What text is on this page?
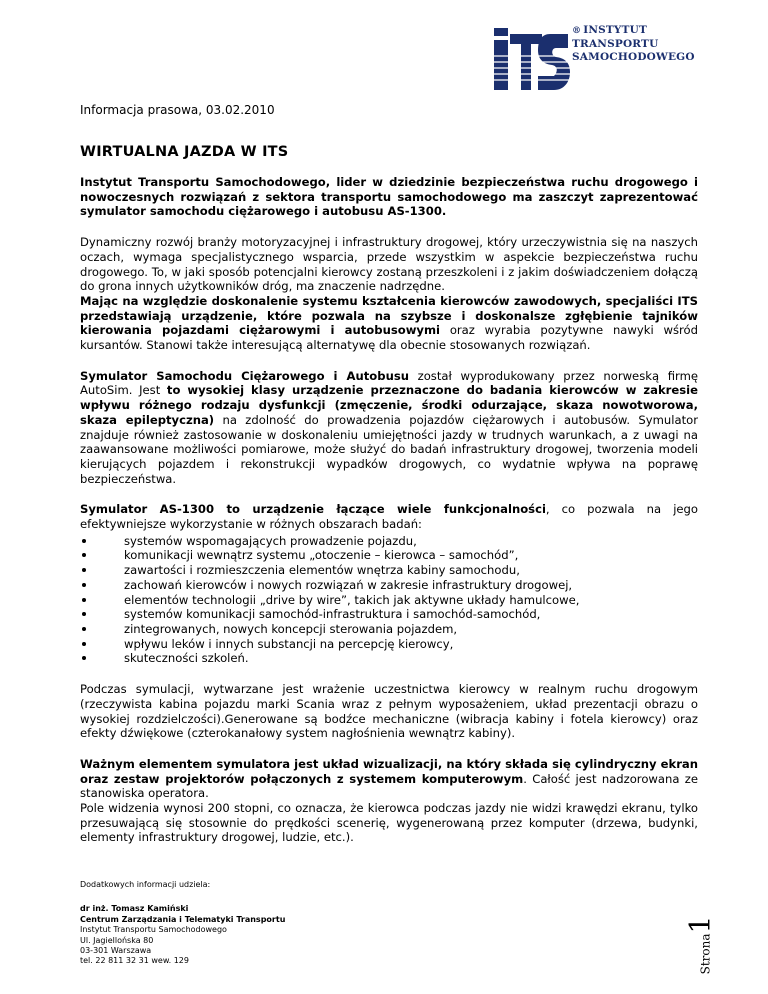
® INSTYTUT
TRANSPORTU
SAMOCHODOWEGO

Informacja prasowa, 03.02.2010

WIRTUALNA JAZDA W ITS

Instytut Transportu Samochodowego, lider w dziedzinie bezpieczeństwa ruchu drogowego i nowoczesnych rozwiązań z sektora transportu samochodowego ma zaszczyt zaprezentować symulator samochodu ciężarowego i autobusu AS-1300.

Dynamiczny rozwój branży motoryzacyjnej i infrastruktury drogowej, który urzeczywistnia się na naszych oczach, wymaga specjalistycznego wsparcia, przede wszystkim w aspekcie bezpieczeństwa ruchu drogowego. To, w jaki sposób potencjalni kierowcy zostaną przeszkoleni i z jakim doświadczeniem dołączą do grona innych użytkowników dróg, ma znaczenie nadrzędne.

Mając na względzie doskonalenie systemu kształcenia kierowców zawodowych, specjaliści ITS przedstawiają urządzenie, które pozwala na szybsze i doskonalsze zgłębienie tajników kierowania pojazdami ciężarowymi i autobusowymi oraz wyrabia pozytywne nawyki wśród kursantów. Stanowi także interesującą alternatywę dla obecnie stosowanych rozwiązań.

Symulator Samochodu Ciężarowego i Autobusu został wyprodukowany przez norweską firmę AutoSim. Jest to wysokiej klasy urządzenie przeznaczone do badania kierowców w zakresie wpływu różnego rodzaju dysfunkcji (zmęczenie, środki odurzające, skaza nowotworowa, skaza epileptyczna) na zdolność do prowadzenia pojazdów ciężarowych i autobusów. Symulator znajduje również zastosowanie w doskonaleniu umiejętności jazdy w trudnych warunkach, a z uwagi na zaawansowane możliwości pomiarowe, może służyć do badań infrastruktury drogowej, tworzenia modeli kierujących pojazdem i rekonstrukcji wypadków drogowych, co wydatnie wpływa na poprawę bezpieczeństwa.

Symulator AS-1300 to urządzenie łączące wiele funkcjonalności, co pozwala na jego efektywniejsze wykorzystanie w różnych obszarach badań:

systemów wspomagających prowadzenie pojazdu,
komunikacji wewnątrz systemu „otoczenie – kierowca – samochód”,
zawartości i rozmieszczenia elementów wnętrza kabiny samochodu,
zachowań kierowców i nowych rozwiązań w zakresie infrastruktury drogowej,
elementów technologii „drive by wire”, takich jak aktywne układy hamulcowe,
systemów komunikacji samochód-infrastruktura i samochód-samochód,
zintegrowanych, nowych koncepcji sterowania pojazdem,
wpływu leków i innych substancji na percepcję kierowcy,
skuteczności szkoleń.

Podczas symulacji, wytwarzane jest wrażenie uczestnictwa kierowcy w realnym ruchu drogowym (rzeczywista kabina pojazdu marki Scania wraz z pełnym wyposażeniem, układ prezentacji obrazu o wysokiej rozdzielczości).Generowane są bodźce mechaniczne (wibracja kabiny i fotela kierowcy) oraz efekty dźwiękowe (czterokanałowy system nagłośnienia wewnątrz kabiny).

Ważnym elementem symulatora jest układ wizualizacji, na który składa się cylindryczny ekran oraz zestaw projektorów połączonych z systemem komputerowym. Całość jest nadzorowana ze stanowiska operatora.

Pole widzenia wynosi 200 stopni, co oznacza, że kierowca podczas jazdy nie widzi krawędzi ekranu, tylko przesuwającą się stosownie do prędkości scenerię, wygenerowaną przez komputer (drzewa, budynki, elementy infrastruktury drogowej, ludzie, etc.).

Dodatkowych informacji udziela:
dr inż. Tomasz Kamiński
Centrum Zarządzania i Telematyki Transportu
Instytut Transportu Samochodowego
Ul. Jagiellońska 80
03-301 Warszawa
tel. 22 811 32 31 wew. 129	Strona1
